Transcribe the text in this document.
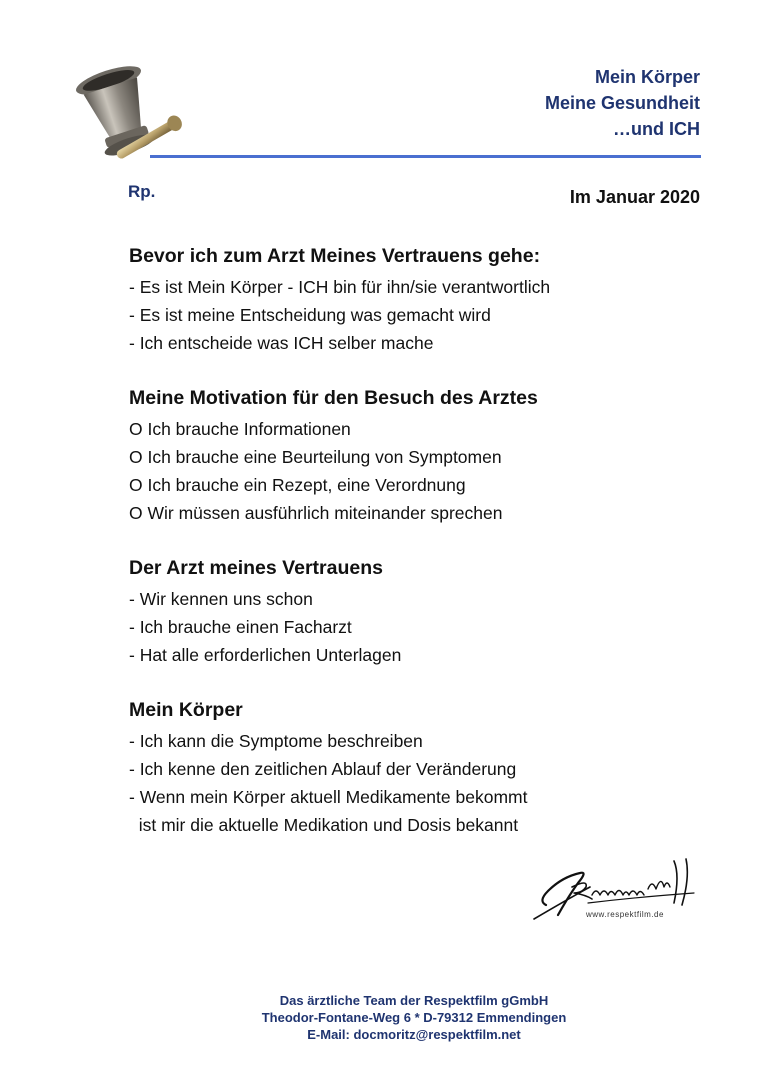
Mein Körper
Meine Gesundheit
…und ICH
Rp.	Im Januar 2020
Bevor ich zum Arzt Meines Vertrauens gehe:
- Es ist Mein Körper - ICH bin für ihn/sie verantwortlich
- Es ist meine Entscheidung was gemacht wird
- Ich entscheide was ICH selber mache
Meine Motivation für den Besuch des Arztes
O Ich brauche Informationen
O Ich brauche eine Beurteilung von Symptomen
O Ich brauche ein Rezept, eine Verordnung
O Wir müssen ausführlich miteinander sprechen
Der Arzt meines Vertrauens
- Wir kennen uns schon
- Ich brauche einen Facharzt
- Hat alle erforderlichen Unterlagen
Mein Körper
- Ich kann die Symptome beschreiben
- Ich kenne den zeitlichen Ablauf der Veränderung
- Wenn mein Körper aktuell Medikamente bekommt
ist mir die aktuelle Medikation und Dosis bekannt
www.respektfilm.de
Das ärztliche Team der Respektfilm gGmbH
Theodor-Fontane-Weg 6 * D-79312 Emmendingen
E-Mail: docmoritz@respektfilm.net
